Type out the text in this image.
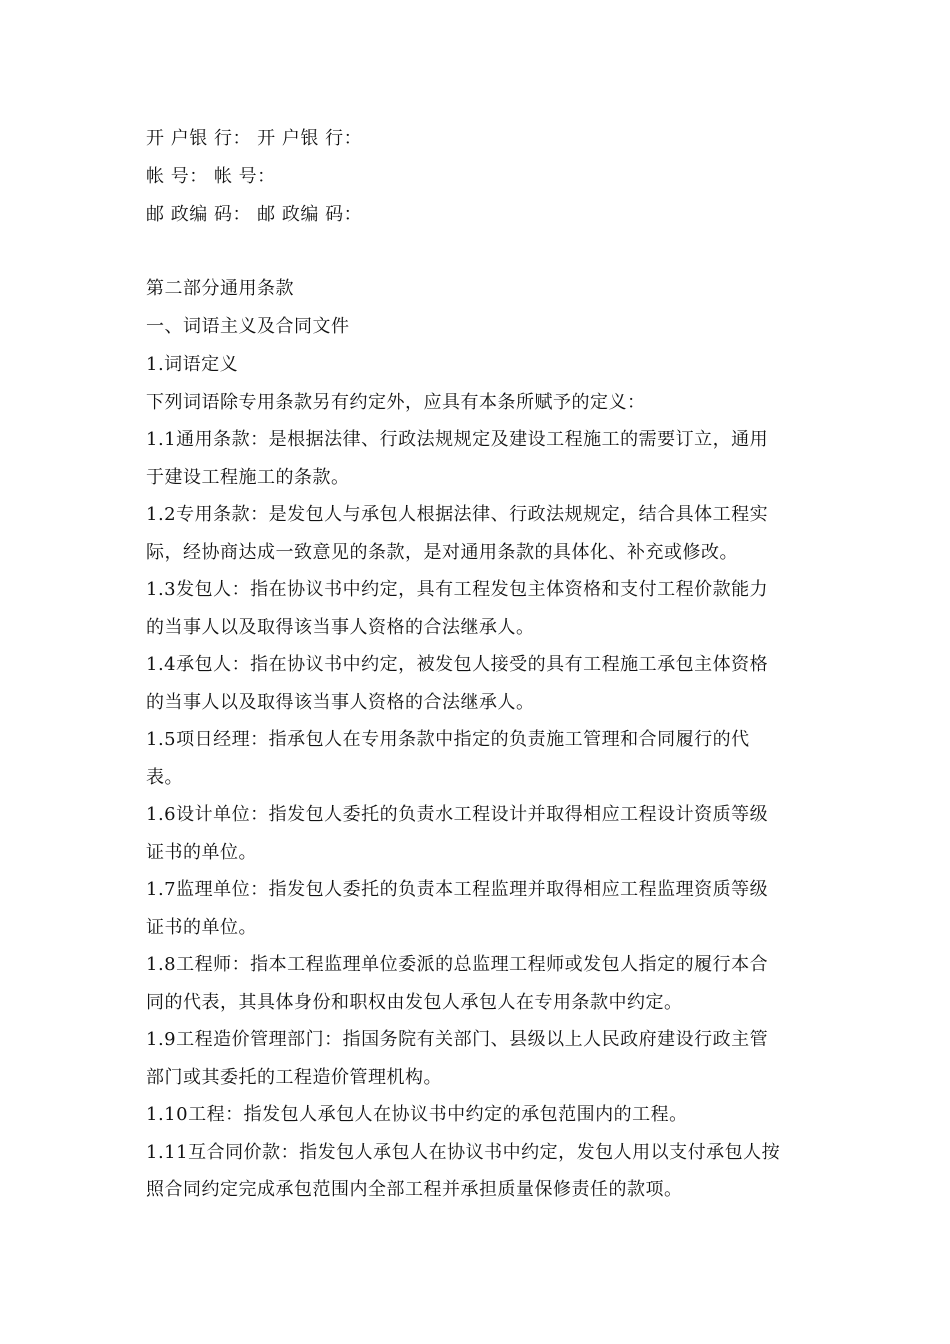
开 户银 行： 开 户银 行：
帐 号： 帐 号：
邮 政编 码： 邮 政编 码：
第二部分通用条款
一、词语主义及合同文件
1.词语定义
下列词语除专用条款另有约定外，应具有本条所赋予的定义：
1.1通用条款：是根据法律、行政法规规定及建设工程施工的需要订立，通用
于建设工程施工的条款。
1.2专用条款：是发包人与承包人根据法律、行政法规规定，结合具体工程实
际，经协商达成一致意见的条款，是对通用条款的具体化、补充或修改。
1.3发包人：指在协议书中约定，具有工程发包主体资格和支付工程价款能力
的当事人以及取得该当事人资格的合法继承人。
1.4承包人：指在协议书中约定，被发包人接受的具有工程施工承包主体资格
的当事人以及取得该当事人资格的合法继承人。
1.5项日经理：指承包人在专用条款中指定的负责施工管理和合同履行的代
表。
1.6设计单位：指发包人委托的负责水工程设计并取得相应工程设计资质等级
证书的单位。
1.7监理单位：指发包人委托的负责本工程监理并取得相应工程监理资质等级
证书的单位。
1.8工程师：指本工程监理单位委派的总监理工程师或发包人指定的履行本合
同的代表，其具体身份和职权由发包人承包人在专用条款中约定。
1.9工程造价管理部门：指国务院有关部门、县级以上人民政府建设行政主管
部门或其委托的工程造价管理机构。
1.10工程：指发包人承包人在协议书中约定的承包范围内的工程。
1.11互合同价款：指发包人承包人在协议书中约定，发包人用以支付承包人按
照合同约定完成承包范围内全部工程并承担质量保修责任的款项。
